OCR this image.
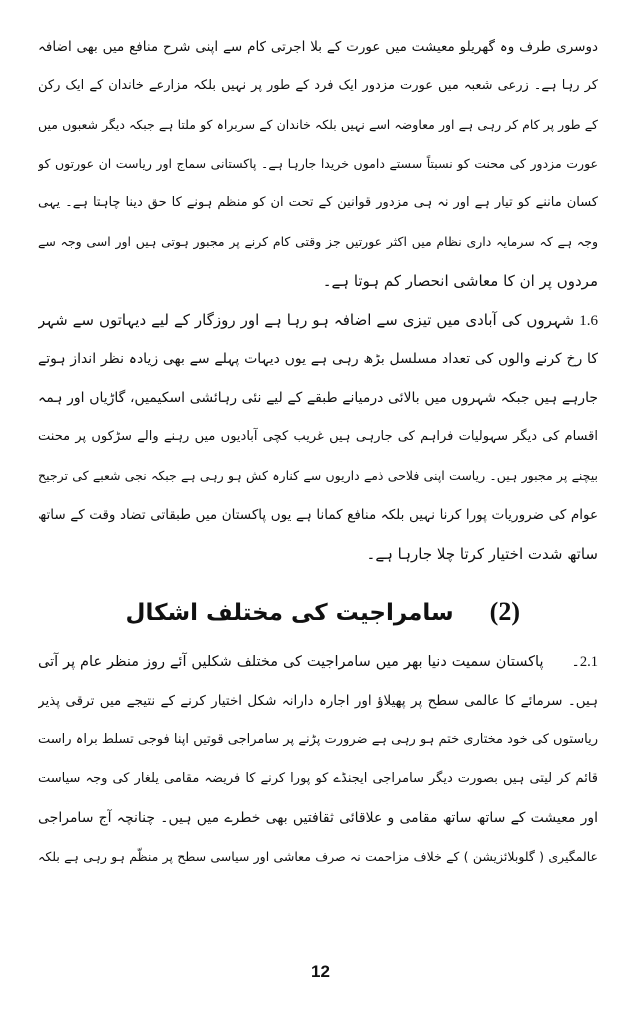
دوسری طرف وہ گھریلو معیشت میں عورت کے بلا اجرتی کام سے اپنی شرح منافع میں بھی اضافہ
کر رہا ہے۔ زرعی شعبہ میں عورت مزدور ایک فرد کے طور پر نہیں بلکہ مزارعے خاندان کے ایک رکن
کے طور پر کام کر رہی ہے اور معاوضہ اسے نہیں بلکہ خاندان کے سربراہ کو ملتا ہے جبکہ دیگر شعبوں میں
عورت مزدور کی محنت کو نسبتاً سستے داموں خریدا جارہا ہے۔ پاکستانی سماج اور ریاست ان عورتوں کو
کسان ماننے کو تیار ہے اور نہ ہی مزدور قوانین کے تحت ان کو منظم ہونے کا حق دینا چاہتا ہے۔ یہی
وجہ ہے کہ سرمایہ داری نظام میں اکثر عورتیں جز وقتی کام کرنے پر مجبور ہوتی ہیں اور اسی وجہ سے
مردوں پر ان کا معاشی انحصار کم ہوتا ہے۔
1.6 شہروں کی آبادی میں تیزی سے اضافہ ہو رہا ہے اور روزگار کے لیے دیہاتوں سے شہر
کا رخ کرنے والوں کی تعداد مسلسل بڑھ رہی ہے یوں دیہات پہلے سے بھی زیادہ نظر انداز ہوتے
جارہے ہیں جبکہ شہروں میں بالائی درمیانے طبقے کے لیے نئی رہائشی اسکیمیں، گاڑیاں اور ہمہ
اقسام کی دیگر سہولیات فراہم کی جارہی ہیں غریب کچی آبادیوں میں رہنے والے سڑکوں پر محنت
بیچنے پر مجبور ہیں۔ ریاست اپنی فلاحی ذمے داریوں سے کنارہ کش ہو رہی ہے جبکہ نجی شعبے کی ترجیح
عوام کی ضروریات پورا کرنا نہیں بلکہ منافع کمانا ہے یوں پاکستان میں طبقاتی تضاد وقت کے ساتھ
ساتھ شدت اختیار کرتا چلا جارہا ہے۔
(2) سامراجیت کی مختلف اشکال
2.1۔  پاکستان سمیت دنیا بھر میں سامراجیت کی مختلف شکلیں آئے روز منظر عام پر آتی
ہیں۔ سرمائے کا عالمی سطح پر پھیلاؤ اور اجارہ دارانہ شکل اختیار کرنے کے نتیجے میں ترقی پذیر
ریاستوں کی خود مختاری ختم ہو رہی ہے ضرورت پڑنے پر سامراجی قوتیں اپنا فوجی تسلط براہ راست
قائم کر لیتی ہیں بصورت دیگر سامراجی ایجنڈے کو پورا کرنے کا فریضہ مقامی یلغار کی وجہ سیاست
اور معیشت کے ساتھ ساتھ مقامی و علاقائی ثقافتیں بھی خطرے میں ہیں۔ چنانچہ آج سامراجی
عالمگیری ( گلوبلائزیشن ) کے خلاف مزاحمت نہ صرف معاشی اور سیاسی سطح پر منظّم ہو رہی ہے بلکہ
12
